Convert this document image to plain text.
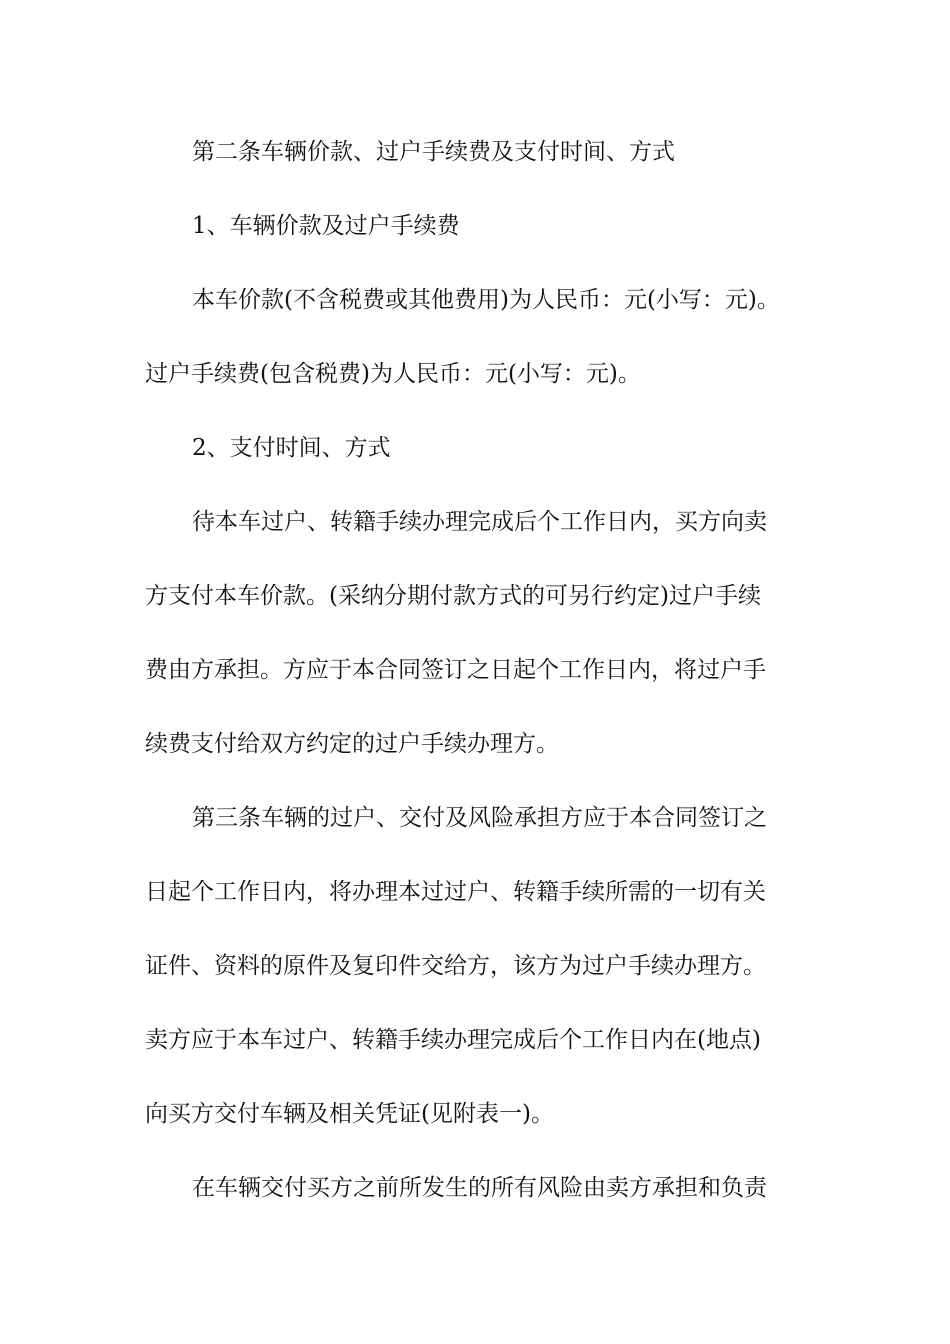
第二条车辆价款、过户手续费及支付时间、方式
1、车辆价款及过户手续费
本车价款(不含税费或其他费用)为人民币：元(小写：元)。
过户手续费(包含税费)为人民币：元(小写：元)。
2、支付时间、方式
待本车过户、转籍手续办理完成后个工作日内，买方向卖
方支付本车价款。(采纳分期付款方式的可另行约定)过户手续
费由方承担。方应于本合同签订之日起个工作日内，将过户手
续费支付给双方约定的过户手续办理方。
第三条车辆的过户、交付及风险承担方应于本合同签订之
日起个工作日内，将办理本过过户、转籍手续所需的一切有关
证件、资料的原件及复印件交给方，该方为过户手续办理方。
卖方应于本车过户、转籍手续办理完成后个工作日内在(地点)
向买方交付车辆及相关凭证(见附表一)。
在车辆交付买方之前所发生的所有风险由卖方承担和负责
